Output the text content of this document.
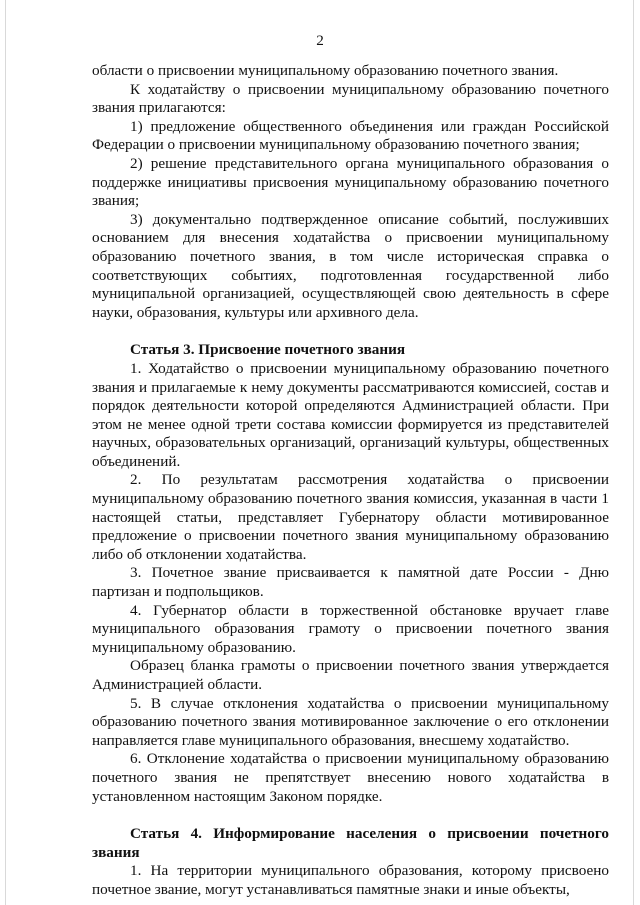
2

области о присвоении муниципальному образованию почетного звания.

К ходатайству о присвоении муниципальному образованию почетного звания прилагаются:

1) предложение общественного объединения или граждан Российской Федерации о присвоении муниципальному образованию почетного звания;

2) решение представительного органа муниципального образования о поддержке инициативы присвоения муниципальному образованию почетного звания;

3) документально подтвержденное описание событий, послуживших основанием для внесения ходатайства о присвоении муниципальному образованию почетного звания, в том числе историческая справка о соответствующих событиях, подготовленная государственной либо муниципальной организацией, осуществляющей свою деятельность в сфере науки, образования, культуры или архивного дела.

Статья 3. Присвоение почетного звания

1. Ходатайство о присвоении муниципальному образованию почетного звания и прилагаемые к нему документы рассматриваются комиссией, состав и порядок деятельности которой определяются Администрацией области. При этом не менее одной трети состава комиссии формируется из представителей научных, образовательных организаций, организаций культуры, общественных объединений.

2. По результатам рассмотрения ходатайства о присвоении муниципальному образованию почетного звания комиссия, указанная в части 1 настоящей статьи, представляет Губернатору области мотивированное предложение о присвоении почетного звания муниципальному образованию либо об отклонении ходатайства.

3. Почетное звание присваивается к памятной дате России - Дню партизан и подпольщиков.

4. Губернатор области в торжественной обстановке вручает главе муниципального образования грамоту о присвоении почетного звания муниципальному образованию.

Образец бланка грамоты о присвоении почетного звания утверждается Администрацией области.

5. В случае отклонения ходатайства о присвоении муниципальному образованию почетного звания мотивированное заключение о его отклонении направляется главе муниципального образования, внесшему ходатайство.

6. Отклонение ходатайства о присвоении муниципальному образованию почетного звания не препятствует внесению нового ходатайства в установленном настоящим Законом порядке.

Статья 4. Информирование населения о присвоении почетного звания

1. На территории муниципального образования, которому присвоено почетное звание, могут устанавливаться памятные знаки и иные объекты,
